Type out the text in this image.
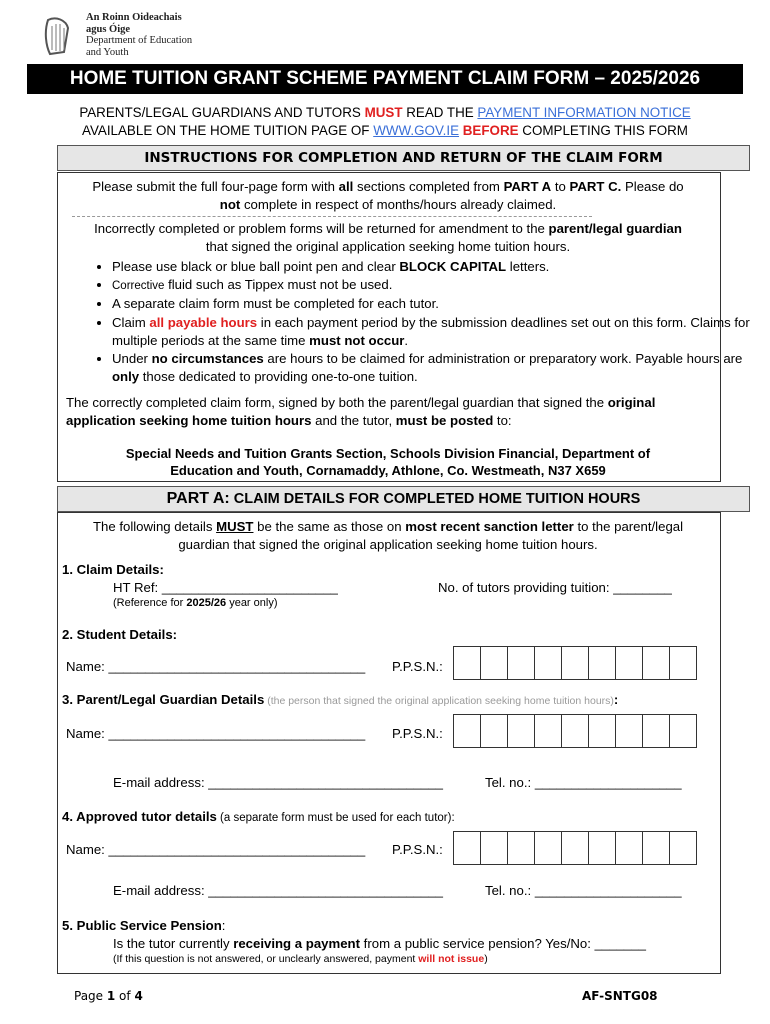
An Roinn Oideachais
agus Óige
Department of Education
and Youth
HOME TUITION GRANT SCHEME PAYMENT CLAIM FORM – 2025/2026
PARENTS/LEGAL GUARDIANS AND TUTORS MUST READ THE PAYMENT INFORMATION NOTICE
AVAILABLE ON THE HOME TUITION PAGE OF WWW.GOV.IE BEFORE COMPLETING THIS FORM
INSTRUCTIONS FOR COMPLETION AND RETURN OF THE CLAIM FORM
Please submit the full four-page form with all sections completed from PART A to PART C. Please do
not complete in respect of months/hours already claimed.
Incorrectly completed or problem forms will be returned for amendment to the parent/legal guardian
that signed the original application seeking home tuition hours.
• Please use black or blue ball point pen and clear BLOCK CAPITAL letters.
• Corrective fluid such as Tippex must not be used.
• A separate claim form must be completed for each tutor.
• Claim all payable hours in each payment period by the submission deadlines set out on this form. Claims for multiple periods at the same time must not occur.
• Under no circumstances are hours to be claimed for administration or preparatory work. Payable hours are only those dedicated to providing one-to-one tuition.
The correctly completed claim form, signed by both the parent/legal guardian that signed the original
application seeking home tuition hours and the tutor, must be posted to:
Special Needs and Tuition Grants Section, Schools Division Financial, Department of
Education and Youth, Cornamaddy, Athlone, Co. Westmeath, N37 X659
PART A: CLAIM DETAILS FOR COMPLETED HOME TUITION HOURS
The following details MUST be the same as those on most recent sanction letter to the parent/legal
guardian that signed the original application seeking home tuition hours.
1. Claim Details:
HT Ref: ________________________	No. of tutors providing tuition: ________
(Reference for 2025/26 year only)
2. Student Details:
Name: ___________________________________ P.P.S.N.:
3. Parent/Legal Guardian Details (the person that signed the original application seeking home tuition hours):
Name: ___________________________________ P.P.S.N.:
E-mail address: ________________________________	Tel. no.: ____________________
4. Approved tutor details (a separate form must be used for each tutor):
Name: ___________________________________ P.P.S.N.:
E-mail address: ________________________________	Tel. no.: ____________________
5. Public Service Pension:
Is the tutor currently receiving a payment from a public service pension? Yes/No: _______
(If this question is not answered, or unclearly answered, payment will not issue)
Page 1 of 4	AF-SNTG08
